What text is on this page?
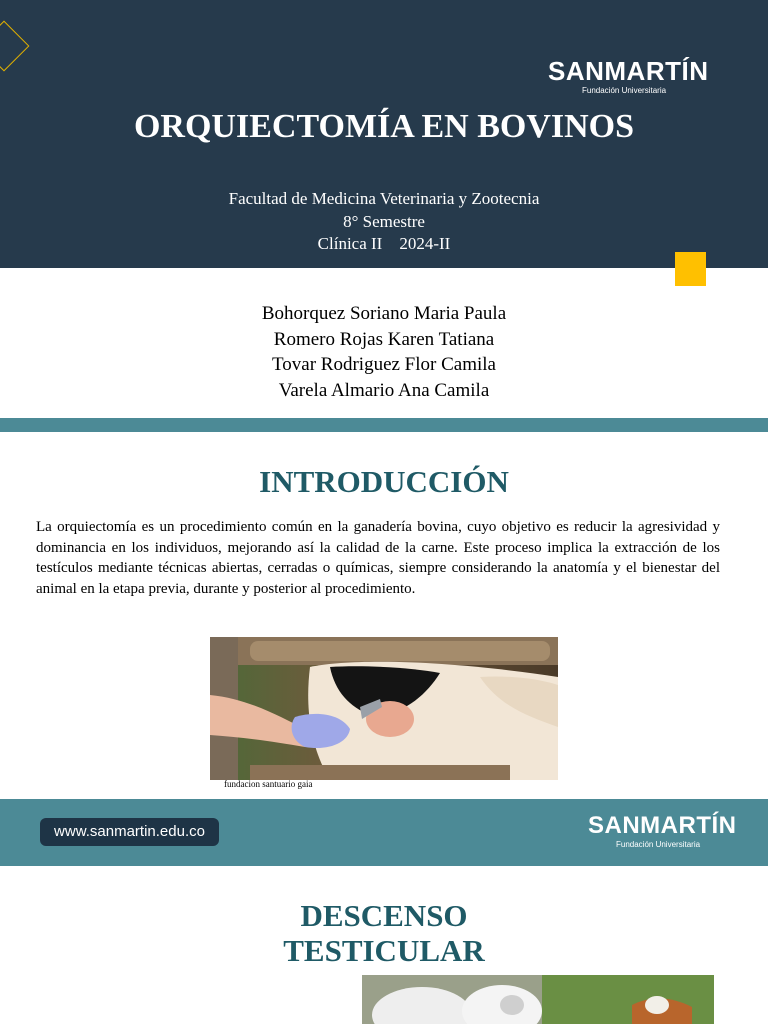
SANMARTÍN
Fundación Universitaria
ORQUIECTOMÍA EN BOVINOS
Facultad de Medicina Veterinaria y Zootecnia
8° Semestre
Clínica II    2024-II
Bohorquez Soriano Maria Paula
Romero Rojas Karen Tatiana
Tovar Rodriguez Flor Camila
Varela Almario Ana Camila
INTRODUCCIÓN

La orquiectomía es un procedimiento común en la ganadería bovina, cuyo objetivo es reducir la agresividad y dominancia en los individuos, mejorando así la calidad de la carne. Este proceso implica la extracción de los testículos mediante técnicas abiertas, cerradas o químicas, siempre considerando la anatomía y el bienestar del animal en la etapa previa, durante y posterior al procedimiento.

fundacion santuario gaia
www.sanmartin.edu.co	SANMARTÍN
Fundación Universitaria
DESCENSO
TESTICULAR
